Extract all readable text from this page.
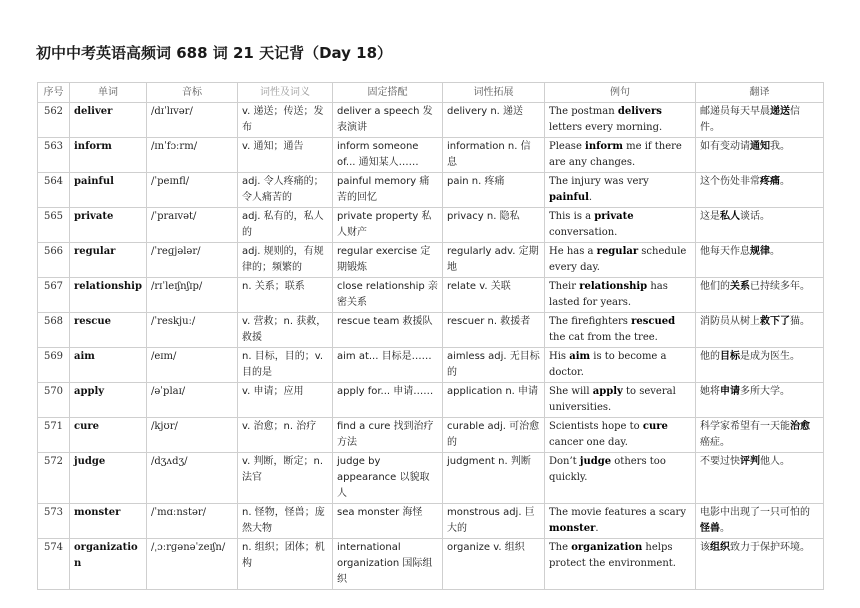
初中中考英语高频词 688 词 21 天记背（Day 18）
序号	单词	音标	词性及词义	固定搭配	词性拓展	例句	翻译
562	deliver	/dɪˈlɪvər/	v. 递送；传送；发布	deliver a speech 发表演讲	delivery n. 递送	The postman delivers letters every morning.	邮递员每天早晨递送信件。
563	inform	/ɪnˈfɔːrm/	v. 通知；通告	inform someone of... 通知某人……	information n. 信息	Please inform me if there are any changes.	如有变动请通知我。
564	painful	/ˈpeɪnfl/	adj. 令人疼痛的；令人痛苦的	painful memory 痛苦的回忆	pain n. 疼痛	The injury was very painful.	这个伤处非常疼痛。
565	private	/ˈpraɪvət/	adj. 私有的，私人的	private property 私人财产	privacy n. 隐私	This is a private conversation.	这是私人谈话。
566	regular	/ˈreɡjələr/	adj. 规则的，有规律的；频繁的	regular exercise 定期锻炼	regularly adv. 定期地	He has a regular schedule every day.	他每天作息规律。
567	relationship	/rɪˈleɪʃnʃɪp/	n. 关系；联系	close relationship 亲密关系	relate v. 关联	Their relationship has lasted for years.	他们的关系已持续多年。
568	rescue	/ˈreskjuː/	v. 营救；n. 获救，救援	rescue team 救援队	rescuer n. 救援者	The firefighters rescued the cat from the tree.	消防员从树上救下了猫。
569	aim	/eɪm/	n. 目标，目的；v. 目的是	aim at... 目标是……	aimless adj. 无目标的	His aim is to become a doctor.	他的目标是成为医生。
570	apply	/əˈplaɪ/	v. 申请；应用	apply for... 申请……	application n. 申请	She will apply to several universities.	她将申请多所大学。
571	cure	/kjʊr/	v. 治愈；n. 治疗	find a cure 找到治疗方法	curable adj. 可治愈的	Scientists hope to cure cancer one day.	科学家希望有一天能治愈癌症。
572	judge	/dʒʌdʒ/	v. 判断，断定；n. 法官	judge by appearance 以貌取人	judgment n. 判断	Don’t judge others too quickly.	不要过快评判他人。
573	monster	/ˈmɑːnstər/	n. 怪物，怪兽；庞然大物	sea monster 海怪	monstrous adj. 巨大的	The movie features a scary monster.	电影中出现了一只可怕的怪兽。
574	organization	/ˌɔːrɡənəˈzeɪʃn/	n. 组织；团体；机构	international organization 国际组织	organize v. 组织	The organization helps protect the environment.	该组织致力于保护环境。
